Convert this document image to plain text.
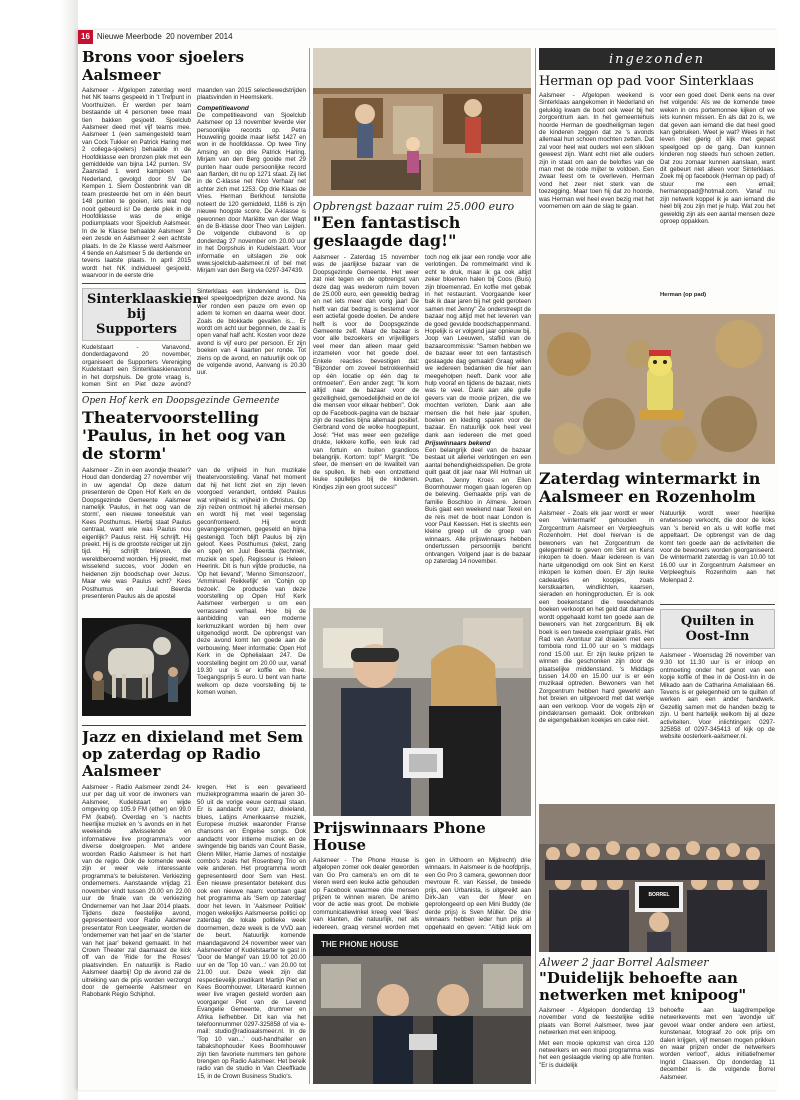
16 Nieuwe Meerbode 20 november 2014
Brons voor sjoelers Aalsmeer
Aalsmeer - Afgelopen zaterdag werd het NK teams gespeeld in 't Trefpunt in Voorthuizen. Er werden per team bestaande uit 4 personen twee maal tien bakken gesjoeld. Sjoelclub Aalsmeer deed met vijf teams mee. Aalsmeer 1 (een samengesteld team van Cock Tukker en Patrick Haring met 2 collega-sjoelers) behaalde in de Hoofdklasse een bronzen plek met een gemiddelde van bijna 142 punten. SV Zaanstad 1 werd kampioen van Nederland, gevolgd door SV De Kempen 1. Siem Oostenbrink van dit team presteerde het om in één beurt 148 punten te gooien, iets wat nog nooit gebeurd is! De derde plek in de Hoofdklasse was de enige podiumplaats voor Sjoelclub Aalsmeer. In de Ie Klasse behaalde Aalsmeer 3 een zesde en Aalsmeer 2 een achtste plaats. In de 2e Klasse werd Aalsmeer 4 tiende en Aalsmeer 5 de dertiende en tevens laatste plaats. In april 2015 wordt het NK individueel gesjoeld, waarvoor in de eerste drie
maanden van 2015 selectiewedstrijden plaatsvinden in Heemskerk.
Competitieavond
De competitieavond van Sjoelclub Aalsmeer op 13 november leverde vier persoonlijke records op. Petra Houweling gooide maar liefst 1427 en won in de hoofdklasse. Op twee Tiny Amsing en op drie Patrick Haring. Mirjam van den Berg gooide met 29 punten haar oude persoonlijke record aan flarden, dit nu op 1271 staat. Zij liet in de C-klasse net Nico Verhaar net achter zich met 1253. Op drie Klaas de Vries. Herman Berkhout tenslotte noteert de 120 gemiddeld, 1186 is zijn nieuwe hoogste score. De A-klasse is gewonnen door Mariëtte van der Wagt en de B-klasse door Theo van Leijden. De volgende clubavond is op donderdag 27 november om 20.00 uur in het Dorpshuis in Kudelstaart. Voor informatie en uitslagen zie ook www.sjoelclub-aalsmeer.nl of bel met Mirjam van den Berg via 0297-347439.
Sinterklaaskien bij Supporters
Kudelstaart - Vanavond, donderdagavond 20 november, organiseert de Supporters Vereniging Kudelstaart een Sinterklaaskienavond in het dorpshuis. De grote vraag is, komen Sint en Piet deze avond?
Sinterklaas een kinderviend is. Dus veel speelgoedprijzen deze avond. Na vier ronden een pauze om even op adem te komen en daarna weer door. Zoals de blokkade gevallen is... Er wordt om acht uur begonnen, de zaal is open vanaf half acht. Kosten voor deze avond is vijf euro per persoon. Er zijn boeken van 4 kaarten per ronde. Tot ziens op de avond, en natuurlijk ook op de volgende avond, Aanvang is 20.30 uur.
Open Hof kerk en Doopsgezinde Gemeente
Theatervoorstelling 'Paulus, in het oog van de storm'
Aalsmeer - Zin in een avondje theater? Houd dan donderdag 27 november vrij in uw agenda! Op deze datum presenteren de Open Hof Kerk en de Doopsgezinde Gemeente Aalsmeer namelijk 'Paulus, in het oog van de storm', een nieuwe toneelstuk van Kees Posthumus. Hierbij staat Paulus centraal, want wie was Paulus nou eigenlijk? Paulus reist. Hij schrijft. Hij preekt. Hij is de grootste reiziger uit zijn tijd. Hij schrijft brieven, die wereldberoemd worden. Hij preekt, met wisselend succes, voor Joden en heidenen zijn boodschap over Jezus. Maar wie was Paulus echt? Kees Posthumus en Juul Beerda presenteren Paulus als de apostel
van de vrijheid in hun muzikale theatervoorstelling. Vanaf het moment dat hij het licht ziet en zijn leven voorgoed verandert, ontdekt Paulus wat vrijheid is: vrijheid in Christus. Op zijn reizen ontmoet hij allerlei mensen en wordt hij met veel tegenslag geconfronteerd. Hij wordt gevangengenomen, gegeseld en bijna gestenigd. Toch blijft Paulus bij zijn geloof. Kees Posthumus (tekst, zang en spel) en Juul Beerda (techniek, muziek en spel). Regisseur is Heleen Heerink. Dit is hun vijfde productie, na 'Op het lievand', 'Menno Simonszoon', 'Amminuel Reikkefijk' en 'Cohijn op bezoek'. De productie van deze voorstelling op Open Hof Kerk Aalsmeer verbergen u om een verrassend verhaal. Hoe bij de aanbidding van een moderne kerkmuzikant worden bij hem over uitgenodigd wordt. De opbrengst van deze avond komt ten goede aan de verbouwing. Meer informatie: Open Hof Kerk in de Ophelialaan 247. De voorstelling begint om 20.00 uur, vanaf 19.30 uur is er koffie en thee. Toegangsprijs 5 euro. U bent van harte welkom op deze voorstelling bij te komen wonen.
Jazz en dixieland met Sem op zaterdag op Radio Aalsmeer
Aalsmeer - Radio Aalsmeer zendt 24-uur per dag uit voor de inwoners van Aalsmeer, Kudelstaart en wijde omgeving op 105.9 FM (ether) en 99.0 FM (kabel). Overdag en 's nachts heerlijke muziek en 's avonds en in het weekeinde afwisselende en informatieve live programma's voor diverse doelgroepen. Met andere woorden Radio Aalsmeer is het hart van de regio. Ook de komende week zijn er weer vele interessante programma's te beluisteren. Verkiezing ondernemers. Aanstaande vrijdag 21 november vindt tussen 20.00 en 22.00 uur de finale van de verkiezing Ondernemer van het Jaar 2014 plaats. Tijdens deze feestelijke avond, gepresenteerd voor Radio Aalsmeer presentator Ron Leegwater, worden de 'ondernemer van het jaar' en de 'starter van het jaar' bekend gemaakt. In het Crown Theater zal daarnaast de kick off van de 'Ride for the Roses' plaatsvinden. En natuurlijk is Radio Aalsmeer daarbij! Op de avond zal de uitreiking van de prijs worden verzorgd door de gemeente Aalsmeer en Rabobank Regio Schiphol.
kregen. Het is een gevarieerd muziekprogramma waarin de jaren 30-50 uit de vorige eeuw centraal staan. Er is aandacht voor jazz, dixieland, blues, Latijns Amerikaanse muziek, Europese muziek waaronder Franse chansons en Engelse songs. Ook aandacht voor intieme muziek en de swingende big bands van Count Basie, Glenn Miller, Harrie James of nostalgie combo's zoals het Rosenberg Trio en vele anderen. Het programma wordt gepresenteerd door Sem van Hest. Een nieuwe presentator betekent dus ook een nieuwe naam: voortaan gaat het programma als 'Sem op zaterdag' door het leven. In 'Aalsmeer Politiek' mogen wekelijks Aalsmeerse politici op zaterdag de lokale politieke week doornemen, deze week is de VVD aan de beurt. Natuurlijk komende maandagavond 24 november weer van Aalsmeerder of Kudelstaarter te gast in 'Door de Mangel' van 19.00 tot 20.00 uur en de 'Top 10 van...' van 20.00 tot 21.00 uur. Deze week zijn dat respectievelijk predikant Martijn Piet en Kees Boomhouwer. Uiteraard kunnen weer live vragen gesteld worden aan voorganger Piet van de Levend Evangelie Gemeente, drummer en Afrika liefhebber. Dit kan via het telefoonnummer 0297-325858 of via e-mail: studio@radioaalsmeer.nl. In de 'Top 10 van...' oud-handhaller en tabakshophouder Kees Boomhouwer zijn tien favoriete nummers ten gehore brengen op Radio Aalsmeer. Het bereik radio van de studio in Van Cleeffkade 15, in de Crown Business Studio's.
Opbrengst bazaar ruim 25.000 euro
"Een fantastisch geslaagde dag!"
Aalsmeer - Zaterdag 15 november was de jaarlijkse bazaar van de Doopsgezinde Gemeente. Het weer zat niet tegen en de opbrengst van deze dag was wederom ruim boven de 25.000 euro, een geweldig bedrag en net iets meer dan vorig jaar! De helft van dat bedrag is bestemd voor een actiefal goede doelen. De andere helft is voor de Doopsgezinde Gemeente zelf. Maar de bazaar is voor alle bezoekers en vrijwilligers veel meer dan alleen maar geld inzamelen voor het goede doel. Enkele reacties bevestigen dat: "Bijzonder om zoveel betrokkenheid op één locatie op één dag te ontmoeten". Een ander zegt: "Ik kom altijd naar de bazaar voor de gezelligheid, gemoedelijkheid en de lol die mensen voor elkaar hebben". Ook op de Facebook-pagina van de bazaar zijn de reacties bijna allemaal positief. Gerbrand vond de wolke hoogtepunt, José: "Het was weer een gezellige drukte, lekkere koffie, een leuk rad van fortuin en buiten grandioos belangrijk. Kortom: top!" Margrit: "De sfeer, de mensen en de kwaliteit van de spullen. Ik heb een ontzettend leuke spulletjes bij de kinderen. Kindjes zijn een groot succes!"
toch nog elk jaar een rondje voor alle verlotingen. De rommelmarkt vind ik echt te druk, maar ik ga ook altijd zeker bloemen halen bij Coos (Buis) zijn bloemenrad. En koffie met gebak in het restaurant. Voorgaande keer bak ik daar jaren bij het geld geroteen samen met Jenny" Ze onderstreept de bazaar nog altijd met het leveren van de goed gevulde boodschappenmand. Hopelijk is er volgend jaar opnieuw bij. Joop van Leeuwen, staflid van de bazaarcommissie: "Samen hebben we de bazaar weer tot een fantastisch geslaagde dag gemaakt! Graag willen we iedereen bedanken die hier aan meegeholpen heeft. Dank voor alle hulp vooraf en tijdens de bazaar, niets was te veel. Dank aan alle gulle gevers van de mooie prijzen, die we mochten verloten. Dank aan alle mensen die het hele jaar spullen, boeken en kleding sparen voor de bazaar. En natuurlijk ook heel veel dank aan iedereen die met goed
Prijswinnaars bekend
Een belangrijk deel van de bazaar bestaat uit allerlei verlotingen en een aantal behendigheidsspellen. De grote quilt gaat dit jaar naar Wil Hofman uit Putten. Jenny Kroes en Ellen Boomhouwer mogen gaan logeren op de beleving. Gemaakte prijs van de familie Boschloo in Almere. Jeroen Buis gaat een weekend naar Texel en de reis met de boot naar London is voor Paul Keessen. Het is slechts een kleine greep uit de groep van winnaars. Alle prijswinnaars hebben ondertussen persoonlijk bericht ontvangen. Volgend jaar is de bazaar op zaterdag 14 november.
Prijswinnaars Phone House
Aalsmeer - The Phone House is afgelopen zomer ook dealer geworden van Go Pro camera's en om dit te vieren werd een leuke actie gehouden op Facebook waarmee drie mensen prijzen te winnen waren. De animo voor de actie was groot. De mobiele communicatiewinkel kreeg veel 'likes' van klanten, die natuurlijk, net als iedereen, graag versnel worden met
gen in Uithoorn en Mijdrecht) drie winnaars. In Aalsmeer is de hoofdprijs, een Go Pro 3 camera, gewonnen door mevrouw R. van Kessel, de tweede prijs, een Urbanista, is uitgereikt aan Dirk-Jan van der Meer en geprolongeerd op een Mini Buddy (de derde prijs) is Sven Müller. De drie winnaars hebben ieder hun prijs al opgehaald en geven: "Altijd leuk om
THE PHONE HOUSE
ingezonden
Herman op pad voor Sinterklaas
Aalsmeer - Afgelopen weekend is Sinterklaas aangekomen in Nederland en gelukkig kwam de boot ook weer bij het zorgcentrum aan. In het gemeentehuis hoorde Herman de goedheiligman tegen de kinderen zeggen dat ze 's avonds allemaal hun schoen mochten zetten. Dat zal voor heel wat ouders wel een slikken geweest zijn. Want echt niet alle ouders zijn in staat om aan de beloftes van de man met de rode mijter te voldoen. Een zwaar feest om te overleven. Herman vond het zeer niet sterk van de toezegging. Maar toen hij dat zo hoorde, was Herman wel heel even bezig met het voornemen om aan de slag te gaan.
voor een goed doel. Denk eens na over het volgende: Als we de komende twee weken in ons portemonnee kijken of we iets kunnen missen. En als dat zo is, we dat geven aan iemand die dat heel goed kan gebruiken. Weet je wat? Wees in het leven niet gierig of kijk met gepast speelgoed op de gang. Dan kunnen kinderen nog steeds hun schoen zetten. Dat zou zomaar kunnen aanslaan, want dit gebeurt niet alleen voor Sinterklaas. Zoek mij op facebook (Herman op pad) of stuur me een email; hermanoppad@hotmail.com. Vanaf nu zijn netwerk koppel ik je aan iemand die heel blij zou zijn met je hulp. Wat zou het geweldig zijn als een aantal mensen deze oproep oppakken.
Herman (op pad)
Zaterdag wintermarkt in Aalsmeer en Rozenholm
Aalsmeer - Zoals elk jaar wordt er weer een 'wintermarkt' gehouden in Zorgcentrum Aalsmeer en Verpleeghuis Rozenholm. Het doel hiervan is de bewoners van het Zorgcentrum de gelegenheid te geven om Sint en Kerst inkopen te doen. Maar iedereen is van harte uitgenodigd om ook Sint en Kerst inkopen te komen doen. Er zijn leuke cadeautjes en koopjes, zoals kerstkaarten, windlichten, kaarsen, sieraden en honingproducten. Er is ook een boekenstand die tweedehands boeken verkoopt en het geld dat daarmee wordt opgehaald komt ten goede aan de bewoners van het zorgcentrum. Bij elk boek is een tweede exemplaar gratis. Het Rad van Avontuur zal draaien met een tombola rond 11.00 uur en 's middags rond 15.00 uur. Er zijn leuke prijzen te winnen die geschonken zijn door de plaatselijke middenstand. 's Middags tussen 14.00 en 15.00 uur is er een muzikaal optreden. Bewoners van het Zorgcentrum hebben hard gewerkt aan het breien en uitgevoerd met dat werkje aan een verkoop. Voor de vogels zijn er pindakransen gemaakt. Ook ontbreken de eigengebakken koekjes en cake niet.
Natuurlijk wordt weer heerlijke erwtensoep verkocht, die door de koks van 's bereid en als u wilt koffie met appeltaart. De opbrengst van de dag komt ten goede aan de activiteiten die voor de bewoners worden georganiseerd. De wintermarkt zaterdag is van 10.00 tot 16.00 uur in Zorgcentrum Aalsmeer en Verpleeghuis Rozenholm aan het Molenpad 2.
Quilten in Oost-Inn
Aalsmeer - Woensdag 26 november van 9.30 tot 11.30 uur is er inloop en ontmoeting onder het genot van een kopje koffie of thee in de Oost-Inn in de Mikado aan de Catharina Amalialaan 66. Tevens is er gelegenheid om te quilten of werken aan een ander handwerk. Gezellig samen met de handen bezig te zijn. U bent hartelijk welkom bij al deze activiteiten. Voor inlichtingen: 0297-325858 of 0297-345413 of kijk op de website oosterkerk-aalsmeer.nl.
BORREL
Alweer 2 jaar Borrel Aalsmeer
"Duidelijk behoefte aan netwerken met knipoog"
Aalsmeer - Afgelopen donderdag 13 november vond de feestelijke editie plaats van Borrel Aalsmeer, twee jaar netwerken met een knipoog.
Met een mooie opkomst van circa 120 netwerkers en een mooi programma was het een geslaagde viering op alle fronten. "Er is duidelijk
behoefte aan laagdrempelige netwerkevents met een 'avondje uit' gevoel waar onder andere een artiest, kunstenaar, fotograaf zo ook prijs om dalen krijgen, vijf mensen mogen prikken en waar prijzen onder de netwerkers worden verloot", aldus initiatiefnemer Ingrid Claassen. Op donderdag 11 december is de volgende Borrel Aalsmeer.
